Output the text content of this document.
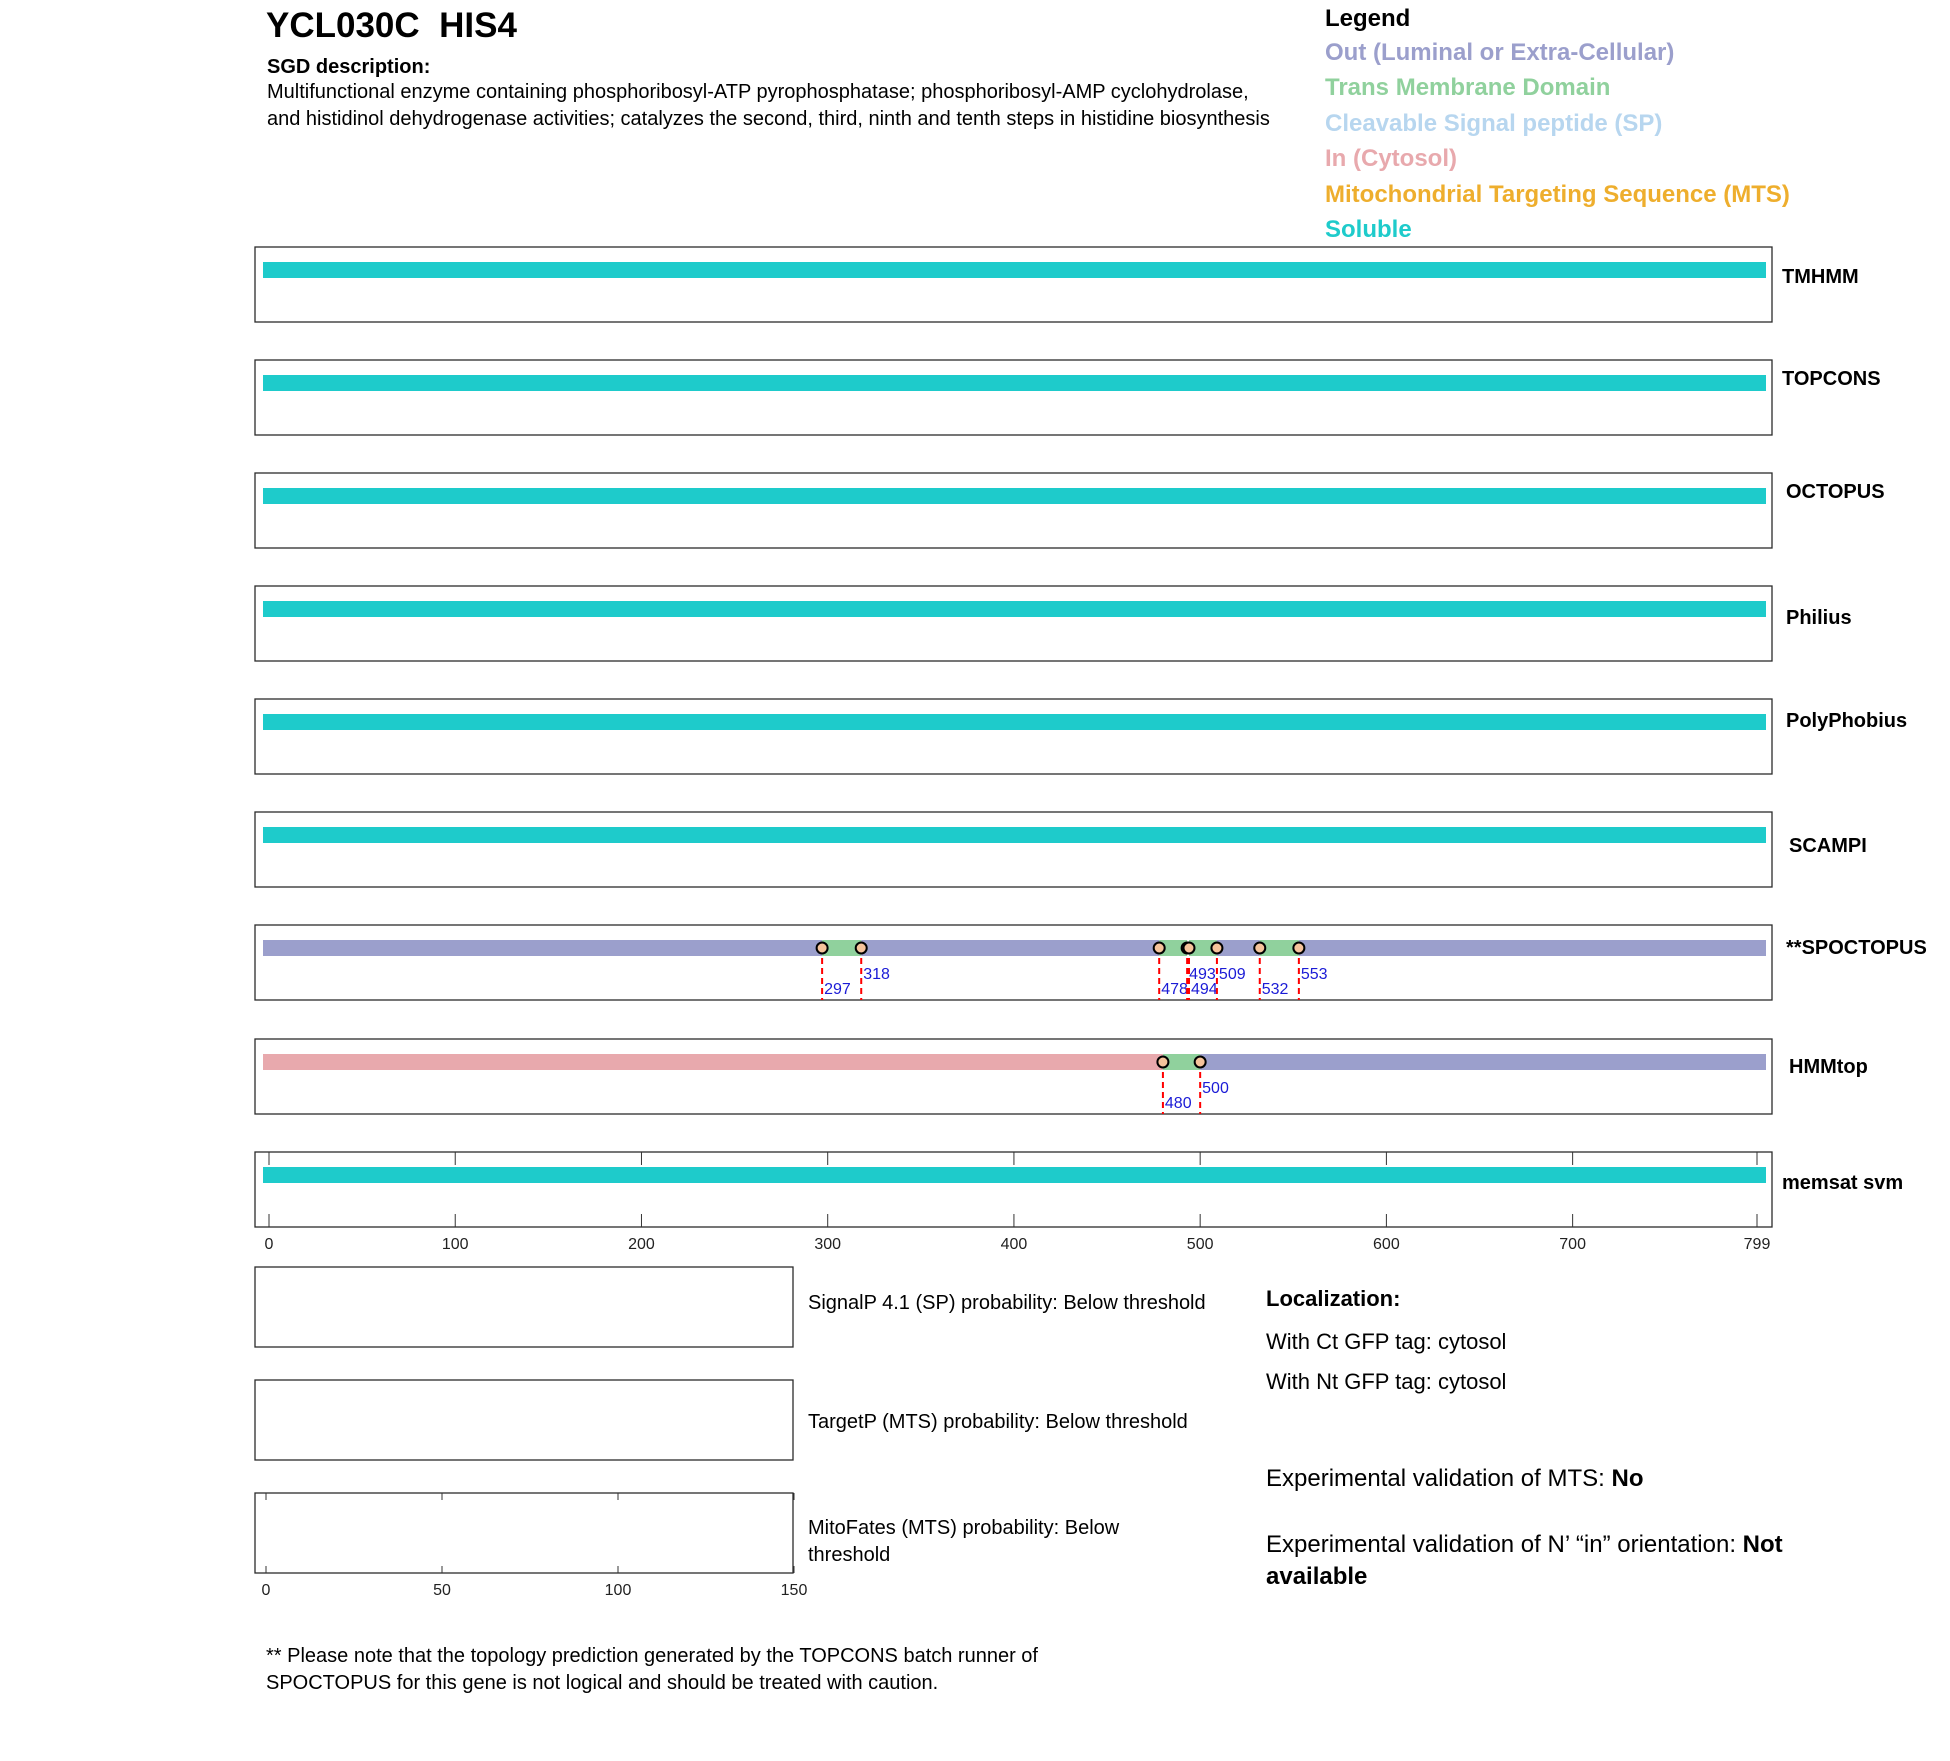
YCL030C  HIS4
SGD description:
Multifunctional enzyme containing phosphoribosyl-ATP pyrophosphatase; phosphoribosyl-AMP cyclohydrolase, and histidinol dehydrogenase activities; catalyzes the second, third, ninth and tenth steps in histidine biosynthesis
Legend
Out (Luminal or Extra-Cellular)
Trans Membrane Domain
Cleavable Signal peptide (SP)
In (Cytosol)
Mitochondrial Targeting Sequence (MTS)
Soluble
TMHMM
TOPCONS
OCTOPUS
Philius
PolyPhobius
SCAMPI
297
318
478
493
494
509
532
553
**SPOCTOPUS
480
500
HMMtop
memsat svm
0	100	200	300	400	500	600	700	799
0	50	100	150
SignalP 4.1 (SP) probability: Below threshold
TargetP (MTS) probability: Below threshold
MitoFates (MTS) probability: Below threshold
Localization:
With Ct GFP tag: cytosol
With Nt GFP tag: cytosol
Experimental validation of MTS: No
Experimental validation of N’ “in” orientation: Not available
** Please note that the topology prediction generated by the TOPCONS batch runner of SPOCTOPUS for this gene is not logical and should be treated with caution.
